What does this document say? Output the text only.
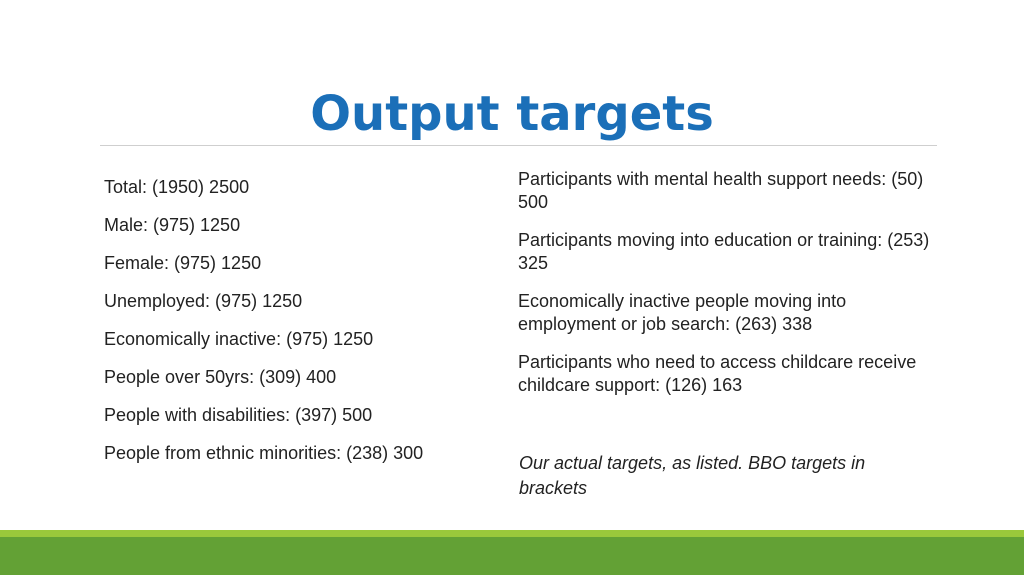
Output targets

Total: (1950) 2500

Male: (975) 1250

Female: (975) 1250

Unemployed: (975) 1250

Economically inactive: (975) 1250

People over 50yrs: (309) 400

People with disabilities: (397) 500

People from ethnic minorities: (238) 300

Participants with mental health support needs: (50) 500

Participants moving into education or training: (253) 325

Economically inactive people moving into employment or job search: (263) 338

Participants who need to access childcare receive childcare support: (126) 163

Our actual targets, as listed. BBO targets in brackets
